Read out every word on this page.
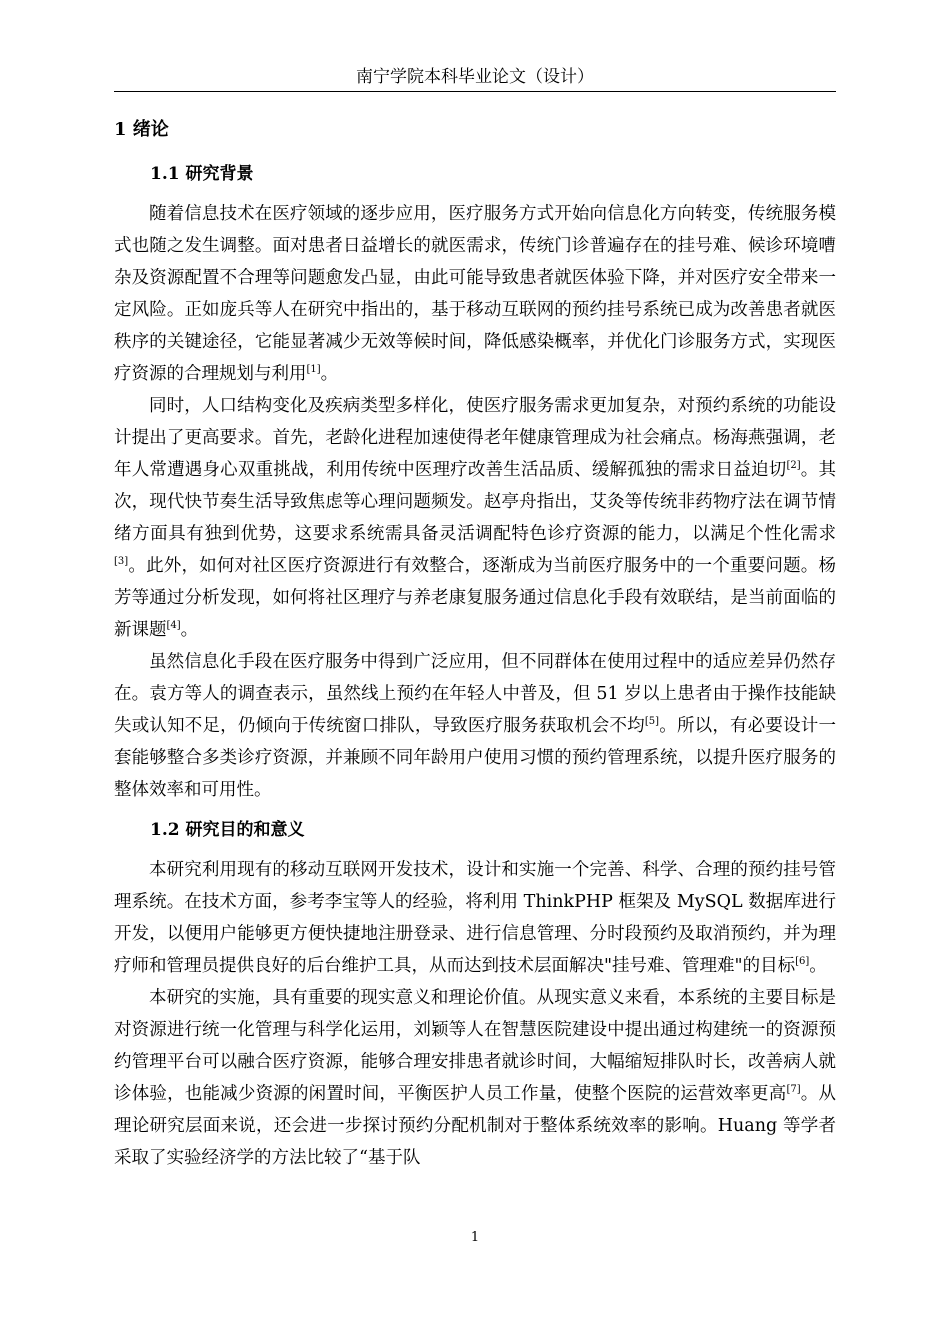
南宁学院本科毕业论文（设计）
1 绪论
1.1 研究背景

随着信息技术在医疗领域的逐步应用，医疗服务方式开始向信息化方向转变，传统服务模式也随之发生调整。面对患者日益增长的就医需求，传统门诊普遍存在的挂号难、候诊环境嘈杂及资源配置不合理等问题愈发凸显，由此可能导致患者就医体验下降，并对医疗安全带来一定风险。正如庞兵等人在研究中指出的，基于移动互联网的预约挂号系统已成为改善患者就医秩序的关键途径，它能显著减少无效等候时间，降低感染概率，并优化门诊服务方式，实现医疗资源的合理规划与利用[1]。

同时，人口结构变化及疾病类型多样化，使医疗服务需求更加复杂，对预约系统的功能设计提出了更高要求。首先，老龄化进程加速使得老年健康管理成为社会痛点。杨海燕强调，老年人常遭遇身心双重挑战，利用传统中医理疗改善生活品质、缓解孤独的需求日益迫切[2]。其次，现代快节奏生活导致焦虑等心理问题频发。赵亭舟指出，艾灸等传统非药物疗法在调节情绪方面具有独到优势，这要求系统需具备灵活调配特色诊疗资源的能力，以满足个性化需求[3]。此外，如何对社区医疗资源进行有效整合，逐渐成为当前医疗服务中的一个重要问题。杨芳等通过分析发现，如何将社区理疗与养老康复服务通过信息化手段有效联结，是当前面临的新课题[4]。

虽然信息化手段在医疗服务中得到广泛应用，但不同群体在使用过程中的适应差异仍然存在。袁方等人的调查表示，虽然线上预约在年轻人中普及，但 51 岁以上患者由于操作技能缺失或认知不足，仍倾向于传统窗口排队，导致医疗服务获取机会不均[5]。所以，有必要设计一套能够整合多类诊疗资源，并兼顾不同年龄用户使用习惯的预约管理系统，以提升医疗服务的整体效率和可用性。

1.2 研究目的和意义

本研究利用现有的移动互联网开发技术，设计和实施一个完善、科学、合理的预约挂号管理系统。在技术方面，参考李宝等人的经验，将利用 ThinkPHP 框架及 MySQL 数据库进行开发，以便用户能够更方便快捷地注册登录、进行信息管理、分时段预约及取消预约，并为理疗师和管理员提供良好的后台维护工具，从而达到技术层面解决"挂号难、管理难"的目标[6]。

本研究的实施，具有重要的现实意义和理论价值。从现实意义来看，本系统的主要目标是对资源进行统一化管理与科学化运用，刘颖等人在智慧医院建设中提出通过构建统一的资源预约管理平台可以融合医疗资源，能够合理安排患者就诊时间，大幅缩短排队时长，改善病人就诊体验，也能减少资源的闲置时间，平衡医护人员工作量，使整个医院的运营效率更高[7]。从理论研究层面来说，还会进一步探讨预约分配机制对于整体系统效率的影响。Huang 等学者采取了实验经济学的方法比较了“基于队

1
